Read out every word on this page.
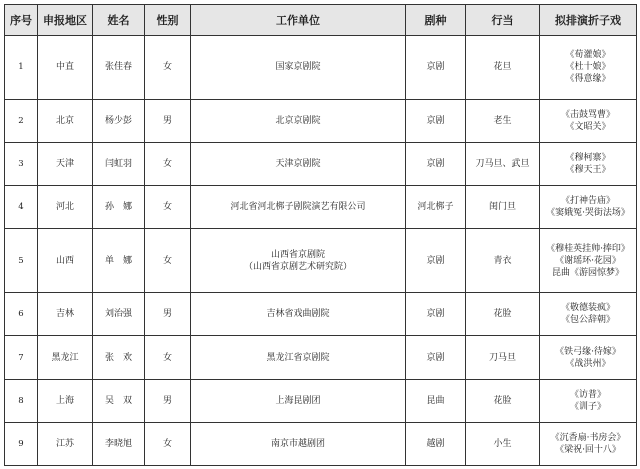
序号	申报地区	姓名	性别	工作单位	剧种	行当	拟排演折子戏
1	中直	张佳春	女	国家京剧院	京剧	花旦	《荀灌娘》
《杜十娘》
《得意缘》

2	北京	杨少彭	男	北京京剧院	京剧	老生	《击鼓骂曹》
《文昭关》

3	天津	闫虹羽	女	天津京剧院	京剧	刀马旦、武旦	《穆柯寨》
《穆天王》

4	河北	孙　娜	女	河北省河北梆子剧院演艺有限公司	河北梆子	闺门旦	《打神告庙》
《窦娥冤·哭街法场》

5	山西	单　娜	女	山西省京剧院
（山西省京剧艺术研究院）	京剧	青衣	《穆桂英挂帅·捧印》
《谢瑶环·花园》
昆曲《游园惊梦》

6	吉林	刘治强	男	吉林省戏曲剧院	京剧	花脸	《敬德装疯》
《包公辞朝》

7	黑龙江	张　欢	女	黑龙江省京剧院	京剧	刀马旦	《铁弓缘·待嫁》
《战洪州》

8	上海	吴　双	男	上海昆剧团	昆曲	花脸	《访普》
《训子》

9	江苏	李晓旭	女	南京市越剧团	越剧	小生	《沉香扇·书房会》
《梁祝·回十八》
